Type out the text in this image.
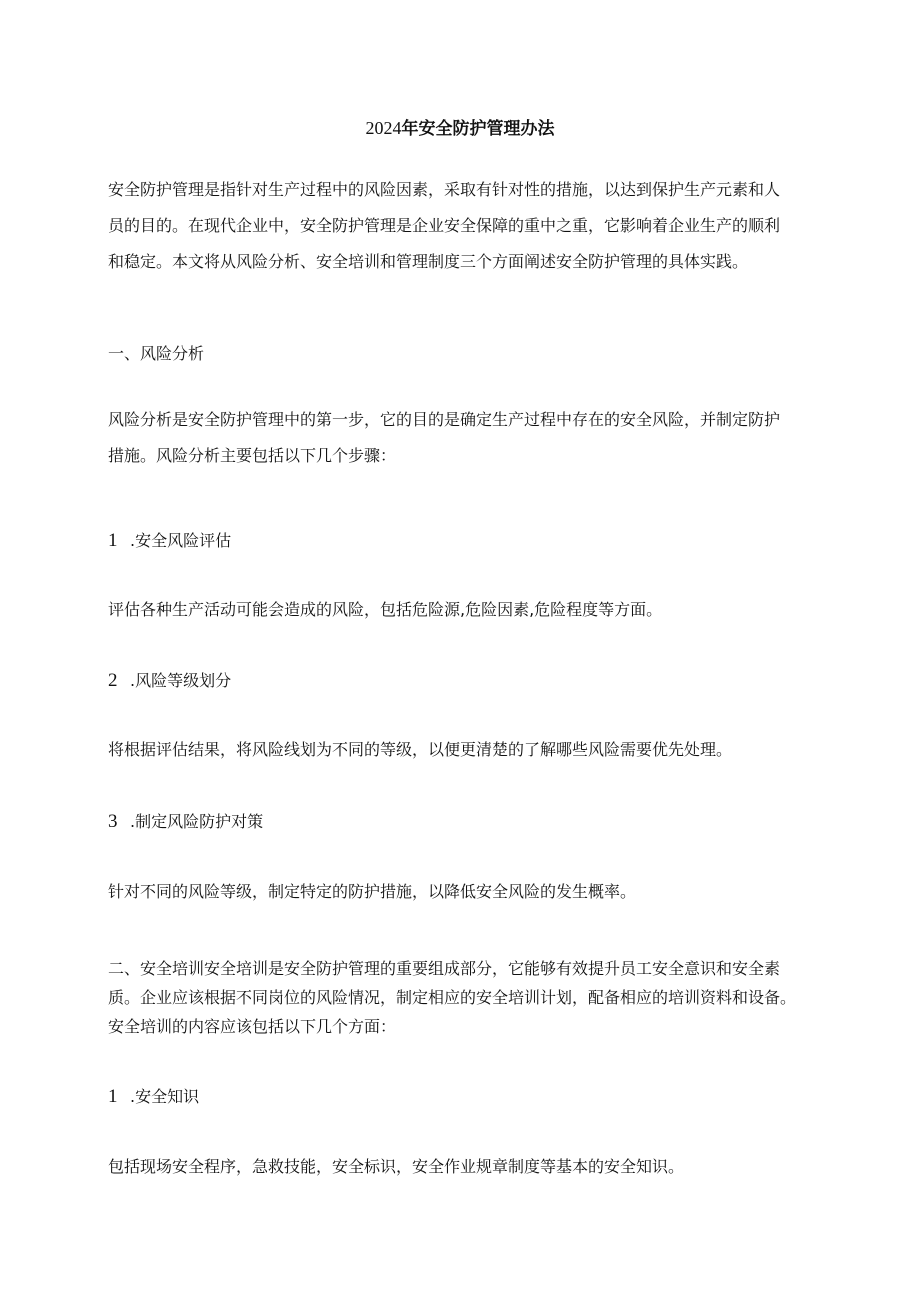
2024年安全防护管理办法
安全防护管理是指针对生产过程中的风险因素，采取有针对性的措施，以达到保护生产元素和人
员的目的。在现代企业中，安全防护管理是企业安全保障的重中之重，它影响着企业生产的顺利
和稳定。本文将从风险分析、安全培训和管理制度三个方面阐述安全防护管理的具体实践。
一、风险分析
风险分析是安全防护管理中的第一步，它的目的是确定生产过程中存在的安全风险，并制定防护
措施。风险分析主要包括以下几个步骤：
1 .安全风险评估
评估各种生产活动可能会造成的风险，包括危险源,危险因素,危险程度等方面。
2 .风险等级划分
将根据评估结果，将风险线划为不同的等级，以便更清楚的了解哪些风险需要优先处理。
3 .制定风险防护对策
针对不同的风险等级，制定特定的防护措施，以降低安全风险的发生概率。
二、安全培训安全培训是安全防护管理的重要组成部分，它能够有效提升员工安全意识和安全素
质。企业应该根据不同岗位的风险情况，制定相应的安全培训计划，配备相应的培训资料和设备。
安全培训的内容应该包括以下几个方面：
1 .安全知识
包括现场安全程序，急救技能，安全标识，安全作业规章制度等基本的安全知识。
